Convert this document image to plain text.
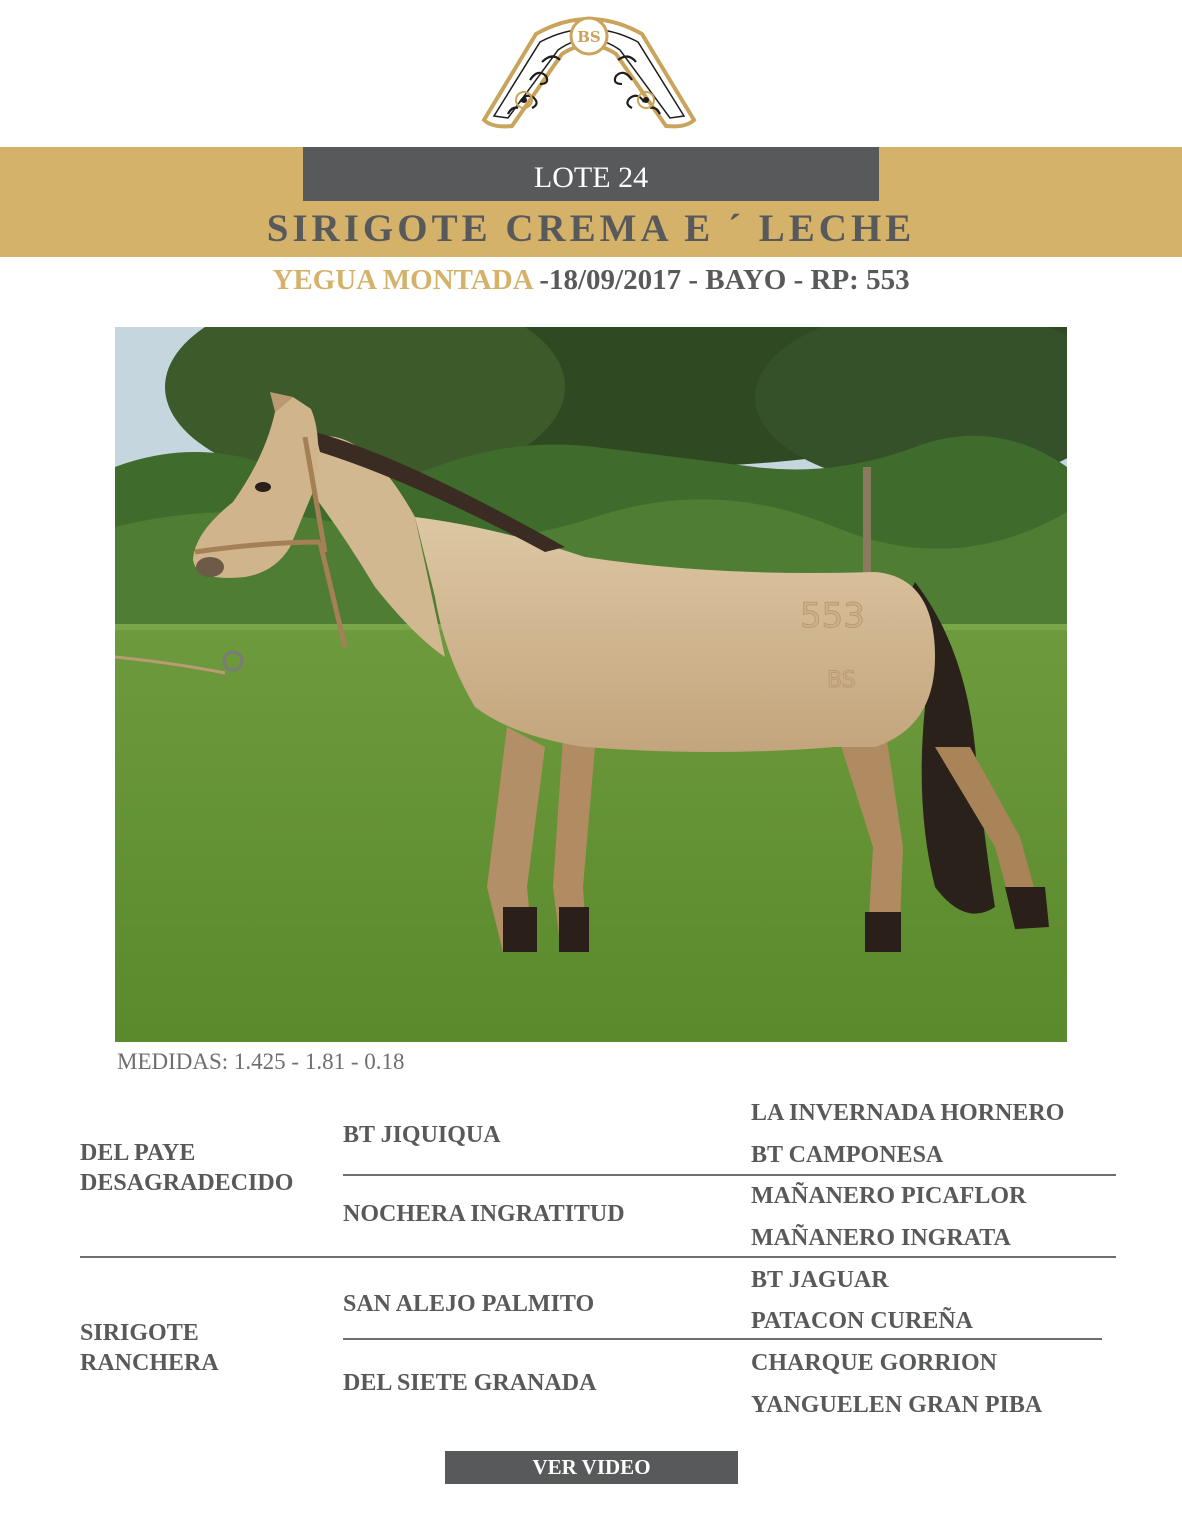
BS
LOTE 24
SIRIGOTE CREMA E ´ LECHE
YEGUA MONTADA -18/09/2017 - BAYO - RP: 553
553
BS
MEDIDAS: 1.425 - 1.81 - 0.18
DEL PAYE
DESAGRADECIDO
SIRIGOTE
RANCHERA
BT JIQUIQUA
NOCHERA INGRATITUD
SAN ALEJO PALMITO
DEL SIETE GRANADA
LA INVERNADA HORNERO
BT CAMPONESA
MAÑANERO PICAFLOR
MAÑANERO INGRATA
BT JAGUAR
PATACON CUREÑA
CHARQUE GORRION
YANGUELEN GRAN PIBA
VER VIDEO
